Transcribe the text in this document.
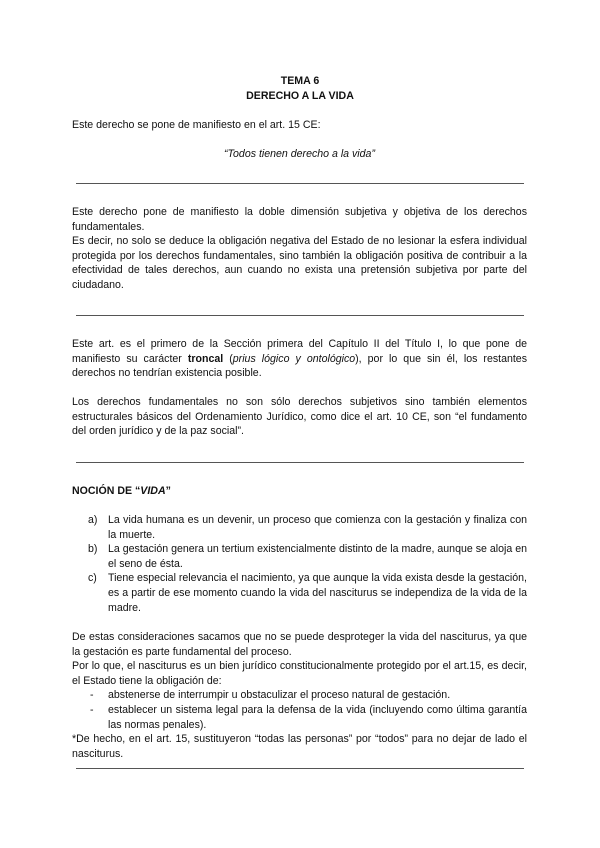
TEMA 6
DERECHO A LA VIDA
Este derecho se pone de manifiesto en el art. 15 CE:
“Todos tienen derecho a la vida”

Este derecho pone de manifiesto la doble dimensión subjetiva y objetiva de los derechos fundamentales.

Es decir, no solo se deduce la obligación negativa del Estado de no lesionar la esfera individual protegida por los derechos fundamentales, sino también la obligación positiva de contribuir a la efectividad de tales derechos, aun cuando no exista una pretensión subjetiva por parte del ciudadano.

Este art. es el primero de la Sección primera del Capítulo II del Título I, lo que pone de manifiesto su carácter troncal (prius lógico y ontológico), por lo que sin él, los restantes derechos no tendrían existencia posible.
Los derechos fundamentales no son sólo derechos subjetivos sino también elementos estructurales básicos del Ordenamiento Jurídico, como dice el art. 10 CE, son “el fundamento del orden jurídico y de la paz social”.
NOCIÓN DE “VIDA”
a) La vida humana es un devenir, un proceso que comienza con la gestación y finaliza con la muerte.
b) La gestación genera un tertium existencialmente distinto de la madre, aunque se aloja en el seno de ésta.
c) Tiene especial relevancia el nacimiento, ya que aunque la vida exista desde la gestación, es a partir de ese momento cuando la vida del nasciturus se independiza de la vida de la madre.

De estas consideraciones sacamos que no se puede desproteger la vida del nasciturus, ya que la gestación es parte fundamental del proceso.

Por lo que, el nasciturus es un bien jurídico constitucionalmente protegido por el art.15, es decir, el Estado tiene la obligación de:

- abstenerse de interrumpir u obstaculizar el proceso natural de gestación.
- establecer un sistema legal para la defensa de la vida (incluyendo como última garantía las normas penales).

*De hecho, en el art. 15, sustituyeron “todas las personas” por “todos” para no dejar de lado el nasciturus.
